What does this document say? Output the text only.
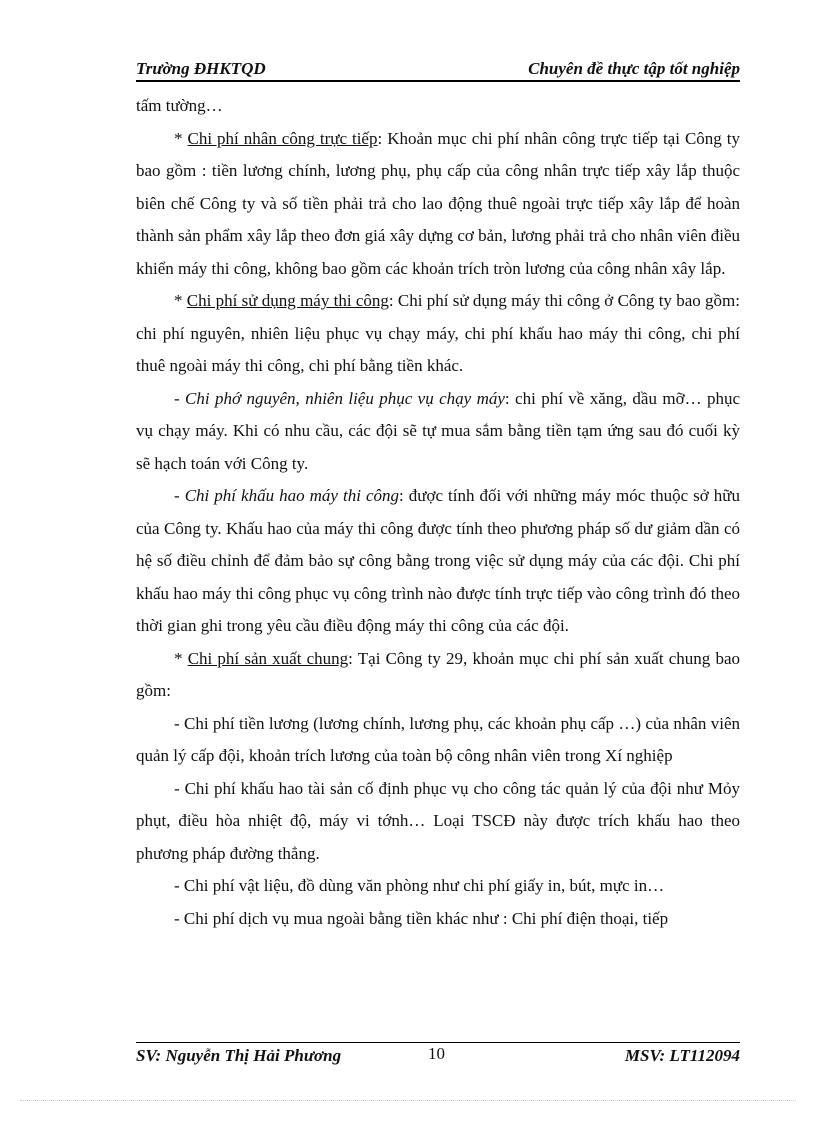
Trường ĐHKTQD	Chuyên đề thực tập tốt nghiệp

tấm tường…

* Chi phí nhân công trực tiếp: Khoản mục chi phí nhân công trực tiếp tại Công ty bao gồm : tiền lương chính, lương phụ, phụ cấp của công nhân trực tiếp xây lắp thuộc biên chế Công ty và số tiền phải trả cho lao động thuê ngoài trực tiếp xây lắp để hoàn thành sản phẩm xây lắp theo đơn giá xây dựng cơ bản, lương phải trả cho nhân viên điều khiển máy thi công, không bao gồm các khoản trích tròn lương của công nhân xây lắp.

* Chi phí sử dụng máy thi công: Chi phí sử dụng máy thi công ở Công ty bao gồm: chi phí nguyên, nhiên liệu phục vụ chạy máy, chi phí khấu hao máy thi công, chi phí thuê ngoài máy thi công, chi phí bằng tiền khác.

- Chi phớ nguyên, nhiên liệu phục vụ chạy máy: chi phí về xăng, dầu mỡ… phục vụ chạy máy. Khi có nhu cầu, các đội sẽ tự mua sắm bằng tiền tạm ứng sau đó cuối kỳ sẽ hạch toán với Công ty.

- Chi phí khấu hao máy thi công: được tính đối với những máy móc thuộc sở hữu của Công ty. Khấu hao của máy thi công được tính theo phương pháp số dư giảm dần có hệ số điều chỉnh để đảm bảo sự công bằng trong việc sử dụng máy của các đội. Chi phí khấu hao máy thi công phục vụ công trình nào được tính trực tiếp vào công trình đó theo thời gian ghi trong yêu cầu điều động máy thi công của các đội.

* Chi phí sản xuất chung: Tại Công ty 29, khoản mục chi phí sản xuất chung bao gồm:

- Chi phí tiền lương (lương chính, lương phụ, các khoản phụ cấp …) của nhân viên quản lý cấp đội, khoản trích lương của toàn bộ công nhân viên trong Xí nghiệp

- Chi phí khấu hao tài sản cố định phục vụ cho công tác quản lý của đội như Mỏy phụt, điều hòa nhiệt độ, máy vi tớnh… Loại TSCĐ này được trích khấu hao theo phương pháp đường thẳng.

- Chi phí vật liệu, đồ dùng văn phòng như chi phí giấy in, bút, mực in…

- Chi phí dịch vụ mua ngoài bằng tiền khác như : Chi phí điện thoại, tiếp

SV: Nguyễn Thị Hải Phương	10	MSV: LT112094
